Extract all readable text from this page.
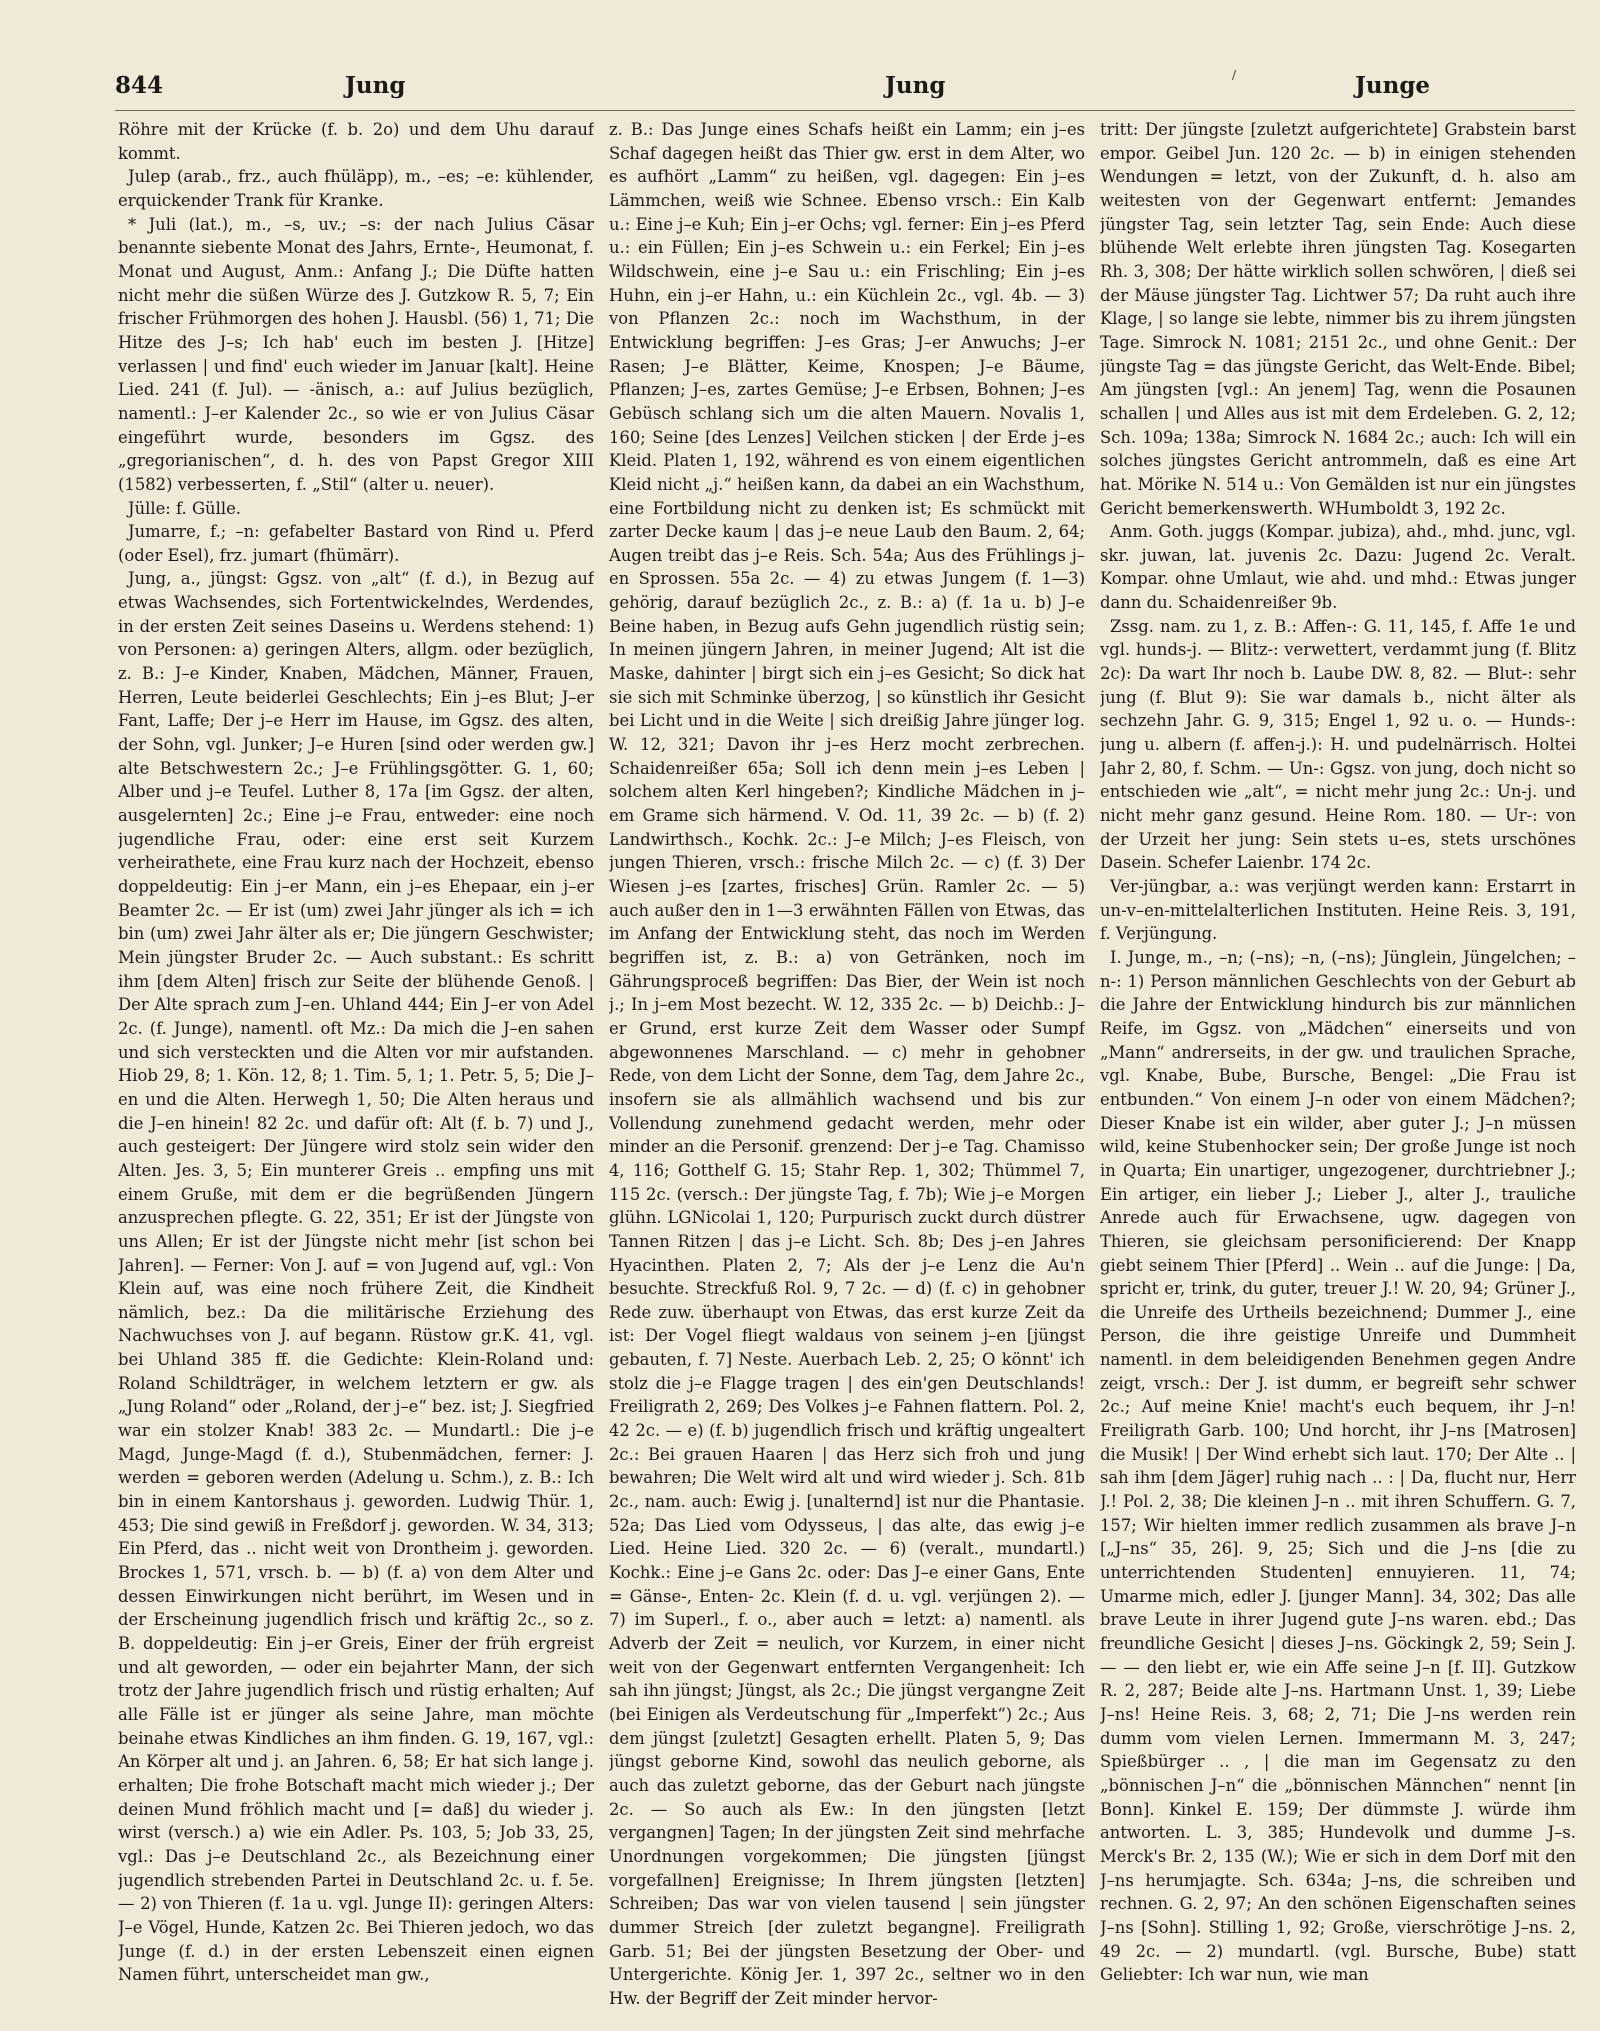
844	Jung	Jung	Junge
/

Röhre mit der Krücke (f. b. 2o) und dem Uhu darauf kommt.

Julep (arab., frz., auch fhüläpp), m., –es; –e: kühlender, erquickender Trank für Kranke.

* Juli (lat.), m., –s, uv.; –s: der nach Julius Cäsar benannte siebente Monat des Jahrs, Ernte-, Heumonat, f. Monat und August, Anm.: Anfang J.; Die Düfte hatten nicht mehr die süßen Würze des J. Gutzkow R. 5, 7; Ein frischer Frühmorgen des hohen J. Hausbl. (56) 1, 71; Die Hitze des J–s; Ich hab' euch im besten J. [Hitze] verlassen | und find' euch wieder im Januar [kalt]. Heine Lied. 241 (f. Jul). — -änisch, a.: auf Julius bezüglich, namentl.: J–er Kalender 2c., so wie er von Julius Cäsar eingeführt wurde, besonders im Ggsz. des „gregorianischen“, d. h. des von Papst Gregor XIII (1582) verbesserten, f. „Stil“ (alter u. neuer).

Jülle: f. Gülle.

Jumarre, f.; –n: gefabelter Bastard von Rind u. Pferd (oder Esel), frz. jumart (fhümärr).

Jung, a., jüngst: Ggsz. von „alt“ (f. d.), in Bezug auf etwas Wachsendes, sich Fortentwickelndes, Werdendes, in der ersten Zeit seines Daseins u. Werdens stehend: 1) von Personen: a) geringen Alters, allgm. oder bezüglich, z. B.: J–e Kinder, Knaben, Mädchen, Männer, Frauen, Herren, Leute beiderlei Geschlechts; Ein j–es Blut; J–er Fant, Laffe; Der j–e Herr im Hause, im Ggsz. des alten, der Sohn, vgl. Junker; J–e Huren [sind oder werden gw.] alte Betschwestern 2c.; J–e Frühlingsgötter. G. 1, 60; Alber und j–e Teufel. Luther 8, 17a [im Ggsz. der alten, ausgelernten] 2c.; Eine j–e Frau, entweder: eine noch jugendliche Frau, oder: eine erst seit Kurzem verheirathete, eine Frau kurz nach der Hochzeit, ebenso doppeldeutig: Ein j–er Mann, ein j–es Ehepaar, ein j–er Beamter 2c. — Er ist (um) zwei Jahr jünger als ich = ich bin (um) zwei Jahr älter als er; Die jüngern Geschwister; Mein jüngster Bruder 2c. — Auch substant.: Es schritt ihm [dem Alten] frisch zur Seite der blühende Genoß. | Der Alte sprach zum J–en. Uhland 444; Ein J–er von Adel 2c. (f. Junge), namentl. oft Mz.: Da mich die J–en sahen und sich versteckten und die Alten vor mir aufstanden. Hiob 29, 8; 1. Kön. 12, 8; 1. Tim. 5, 1; 1. Petr. 5, 5; Die J–en und die Alten. Herwegh 1, 50; Die Alten heraus und die J–en hinein! 82 2c. und dafür oft: Alt (f. b. 7) und J., auch gesteigert: Der Jüngere wird stolz sein wider den Alten. Jes. 3, 5; Ein munterer Greis .. empfing uns mit einem Gruße, mit dem er die begrüßenden Jüngern anzusprechen pflegte. G. 22, 351; Er ist der Jüngste von uns Allen; Er ist der Jüngste nicht mehr [ist schon bei Jahren]. — Ferner: Von J. auf = von Jugend auf, vgl.: Von Klein auf, was eine noch frühere Zeit, die Kindheit nämlich, bez.: Da die militärische Erziehung des Nachwuchses von J. auf begann. Rüstow gr.K. 41, vgl. bei Uhland 385 ff. die Gedichte: Klein-Roland und: Roland Schildträger, in welchem letztern er gw. als „Jung Roland“ oder „Roland, der j–e“ bez. ist; J. Siegfried war ein stolzer Knab! 383 2c. — Mundartl.: Die j–e Magd, Junge-Magd (f. d.), Stubenmädchen, ferner: J. werden = geboren werden (Adelung u. Schm.), z. B.: Ich bin in einem Kantorshaus j. geworden. Ludwig Thür. 1, 453; Die sind gewiß in Freßdorf j. geworden. W. 34, 313; Ein Pferd, das .. nicht weit von Drontheim j. geworden. Brockes 1, 571, vrsch. b. — b) (f. a) von dem Alter und dessen Einwirkungen nicht berührt, im Wesen und in der Erscheinung jugendlich frisch und kräftig 2c., so z. B. doppeldeutig: Ein j–er Greis, Einer der früh ergreist und alt geworden, — oder ein bejahrter Mann, der sich trotz der Jahre jugendlich frisch und rüstig erhalten; Auf alle Fälle ist er jünger als seine Jahre, man möchte beinahe etwas Kindliches an ihm finden. G. 19, 167, vgl.: An Körper alt und j. an Jahren. 6, 58; Er hat sich lange j. erhalten; Die frohe Botschaft macht mich wieder j.; Der deinen Mund fröhlich macht und [= daß] du wieder j. wirst (versch.) a) wie ein Adler. Ps. 103, 5; Job 33, 25, vgl.: Das j–e Deutschland 2c., als Bezeichnung einer jugendlich strebenden Partei in Deutschland 2c. u. f. 5e. — 2) von Thieren (f. 1a u. vgl. Junge II): geringen Alters: J–e Vögel, Hunde, Katzen 2c. Bei Thieren jedoch, wo das Junge (f. d.) in der ersten Lebenszeit einen eignen Namen führt, unterscheidet man gw.,

z. B.: Das Junge eines Schafs heißt ein Lamm; ein j–es Schaf dagegen heißt das Thier gw. erst in dem Alter, wo es aufhört „Lamm“ zu heißen, vgl. dagegen: Ein j–es Lämmchen, weiß wie Schnee. Ebenso vrsch.: Ein Kalb u.: Eine j–e Kuh; Ein j–er Ochs; vgl. ferner: Ein j–es Pferd u.: ein Füllen; Ein j–es Schwein u.: ein Ferkel; Ein j–es Wildschwein, eine j–e Sau u.: ein Frischling; Ein j–es Huhn, ein j–er Hahn, u.: ein Küchlein 2c., vgl. 4b. — 3) von Pflanzen 2c.: noch im Wachsthum, in der Entwicklung begriffen: J–es Gras; J–er Anwuchs; J–er Rasen; J–e Blätter, Keime, Knospen; J–e Bäume, Pflanzen; J–es, zartes Gemüse; J–e Erbsen, Bohnen; J–es Gebüsch schlang sich um die alten Mauern. Novalis 1, 160; Seine [des Lenzes] Veilchen sticken | der Erde j–es Kleid. Platen 1, 192, während es von einem eigentlichen Kleid nicht „j.“ heißen kann, da dabei an ein Wachsthum, eine Fortbildung nicht zu denken ist; Es schmückt mit zarter Decke kaum | das j–e neue Laub den Baum. 2, 64; Augen treibt das j–e Reis. Sch. 54a; Aus des Frühlings j–en Sprossen. 55a 2c. — 4) zu etwas Jungem (f. 1—3) gehörig, darauf bezüglich 2c., z. B.: a) (f. 1a u. b) J–e Beine haben, in Bezug aufs Gehn jugendlich rüstig sein; In meinen jüngern Jahren, in meiner Jugend; Alt ist die Maske, dahinter | birgt sich ein j–es Gesicht; So dick hat sie sich mit Schminke überzog, | so künstlich ihr Gesicht bei Licht und in die Weite | sich dreißig Jahre jünger log. W. 12, 321; Davon ihr j–es Herz mocht zerbrechen. Schaidenreißer 65a; Soll ich denn mein j–es Leben | solchem alten Kerl hingeben?; Kindliche Mädchen in j–em Grame sich härmend. V. Od. 11, 39 2c. — b) (f. 2) Landwirthsch., Kochk. 2c.: J–e Milch; J–es Fleisch, von jungen Thieren, vrsch.: frische Milch 2c. — c) (f. 3) Der Wiesen j–es [zartes, frisches] Grün. Ramler 2c. — 5) auch außer den in 1—3 erwähnten Fällen von Etwas, das im Anfang der Entwicklung steht, das noch im Werden begriffen ist, z. B.: a) von Getränken, noch im Gährungsproceß begriffen: Das Bier, der Wein ist noch j.; In j–em Most bezecht. W. 12, 335 2c. — b) Deichb.: J–er Grund, erst kurze Zeit dem Wasser oder Sumpf abgewonnenes Marschland. — c) mehr in gehobner Rede, von dem Licht der Sonne, dem Tag, dem Jahre 2c., insofern sie als allmählich wachsend und bis zur Vollendung zunehmend gedacht werden, mehr oder minder an die Personif. grenzend: Der j–e Tag. Chamisso 4, 116; Gotthelf G. 15; Stahr Rep. 1, 302; Thümmel 7, 115 2c. (versch.: Der jüngste Tag, f. 7b); Wie j–e Morgen glühn. LGNicolai 1, 120; Purpurisch zuckt durch düstrer Tannen Ritzen | das j–e Licht. Sch. 8b; Des j–en Jahres Hyacinthen. Platen 2, 7; Als der j–e Lenz die Au'n besuchte. Streckfuß Rol. 9, 7 2c. — d) (f. c) in gehobner Rede zuw. überhaupt von Etwas, das erst kurze Zeit da ist: Der Vogel fliegt waldaus von seinem j–en [jüngst gebauten, f. 7] Neste. Auerbach Leb. 2, 25; O könnt' ich stolz die j–e Flagge tragen | des ein'gen Deutschlands! Freiligrath 2, 269; Des Volkes j–e Fahnen flattern. Pol. 2, 42 2c. — e) (f. b) jugendlich frisch und kräftig ungealtert 2c.: Bei grauen Haaren | das Herz sich froh und jung bewahren; Die Welt wird alt und wird wieder j. Sch. 81b 2c., nam. auch: Ewig j. [unalternd] ist nur die Phantasie. 52a; Das Lied vom Odysseus, | das alte, das ewig j–e Lied. Heine Lied. 320 2c. — 6) (veralt., mundartl.) Kochk.: Eine j–e Gans 2c. oder: Das J–e einer Gans, Ente = Gänse-, Enten- 2c. Klein (f. d. u. vgl. verjüngen 2). — 7) im Superl., f. o., aber auch = letzt: a) namentl. als Adverb der Zeit = neulich, vor Kurzem, in einer nicht weit von der Gegenwart entfernten Vergangenheit: Ich sah ihn jüngst; Jüngst, als 2c.; Die jüngst vergangne Zeit (bei Einigen als Verdeutschung für „Imperfekt“) 2c.; Aus dem jüngst [zuletzt] Gesagten erhellt. Platen 5, 9; Das jüngst geborne Kind, sowohl das neulich geborne, als auch das zuletzt geborne, das der Geburt nach jüngste 2c. — So auch als Ew.: In den jüngsten [letzt vergangnen] Tagen; In der jüngsten Zeit sind mehrfache Unordnungen vorgekommen; Die jüngsten [jüngst vorgefallnen] Ereignisse; In Ihrem jüngsten [letzten] Schreiben; Das war von vielen tausend | sein jüngster dummer Streich [der zuletzt begangne]. Freiligrath Garb. 51; Bei der jüngsten Besetzung der Ober- und Untergerichte. König Jer. 1, 397 2c., seltner wo in den Hw. der Begriff der Zeit minder hervor-

tritt: Der jüngste [zuletzt aufgerichtete] Grabstein barst empor. Geibel Jun. 120 2c. — b) in einigen stehenden Wendungen = letzt, von der Zukunft, d. h. also am weitesten von der Gegenwart entfernt: Jemandes jüngster Tag, sein letzter Tag, sein Ende: Auch diese blühende Welt erlebte ihren jüngsten Tag. Kosegarten Rh. 3, 308; Der hätte wirklich sollen schwören, | dieß sei der Mäuse jüngster Tag. Lichtwer 57; Da ruht auch ihre Klage, | so lange sie lebte, nimmer bis zu ihrem jüngsten Tage. Simrock N. 1081; 2151 2c., und ohne Genit.: Der jüngste Tag = das jüngste Gericht, das Welt-Ende. Bibel; Am jüngsten [vgl.: An jenem] Tag, wenn die Posaunen schallen | und Alles aus ist mit dem Erdeleben. G. 2, 12; Sch. 109a; 138a; Simrock N. 1684 2c.; auch: Ich will ein solches jüngstes Gericht antrommeln, daß es eine Art hat. Mörike N. 514 u.: Von Gemälden ist nur ein jüngstes Gericht bemerkenswerth. WHumboldt 3, 192 2c.

Anm. Goth. juggs (Kompar. jubiza), ahd., mhd. junc, vgl. skr. juwan, lat. juvenis 2c. Dazu: Jugend 2c. Veralt. Kompar. ohne Umlaut, wie ahd. und mhd.: Etwas junger dann du. Schaidenreißer 9b.

Zssg. nam. zu 1, z. B.: Affen-: G. 11, 145, f. Affe 1e und vgl. hunds-j. — Blitz-: verwettert, verdammt jung (f. Blitz 2c): Da wart Ihr noch b. Laube DW. 8, 82. — Blut-: sehr jung (f. Blut 9): Sie war damals b., nicht älter als sechzehn Jahr. G. 9, 315; Engel 1, 92 u. o. — Hunds-: jung u. albern (f. affen-j.): H. und pudelnärrisch. Holtei Jahr 2, 80, f. Schm. — Un-: Ggsz. von jung, doch nicht so entschieden wie „alt“, = nicht mehr jung 2c.: Un-j. und nicht mehr ganz gesund. Heine Rom. 180. — Ur-: von der Urzeit her jung: Sein stets u–es, stets urschönes Dasein. Schefer Laienbr. 174 2c.

Ver-jüngbar, a.: was verjüngt werden kann: Erstarrt in un-v–en-mittelalterlichen Instituten. Heine Reis. 3, 191, f. Verjüngung.

I. Junge, m., –n; (–ns); –n, (–ns); Jünglein, Jüngelchen; –n-: 1) Person männlichen Geschlechts von der Geburt ab die Jahre der Entwicklung hindurch bis zur männlichen Reife, im Ggsz. von „Mädchen“ einerseits und von „Mann“ andrerseits, in der gw. und traulichen Sprache, vgl. Knabe, Bube, Bursche, Bengel: „Die Frau ist entbunden.“ Von einem J–n oder von einem Mädchen?; Dieser Knabe ist ein wilder, aber guter J.; J–n müssen wild, keine Stubenhocker sein; Der große Junge ist noch in Quarta; Ein unartiger, ungezogener, durchtriebner J.; Ein artiger, ein lieber J.; Lieber J., alter J., trauliche Anrede auch für Erwachsene, ugw. dagegen von Thieren, sie gleichsam personificierend: Der Knapp giebt seinem Thier [Pferd] .. Wein .. auf die Junge: | Da, spricht er, trink, du guter, treuer J.! W. 20, 94; Grüner J., die Unreife des Urtheils bezeichnend; Dummer J., eine Person, die ihre geistige Unreife und Dummheit namentl. in dem beleidigenden Benehmen gegen Andre zeigt, vrsch.: Der J. ist dumm, er begreift sehr schwer 2c.; Auf meine Knie! macht's euch bequem, ihr J–n! Freiligrath Garb. 100; Und horcht, ihr J–ns [Matrosen] die Musik! | Der Wind erhebt sich laut. 170; Der Alte .. | sah ihm [dem Jäger] ruhig nach .. : | Da, flucht nur, Herr J.! Pol. 2, 38; Die kleinen J–n .. mit ihren Schuffern. G. 7, 157; Wir hielten immer redlich zusammen als brave J–n [„J–ns“ 35, 26]. 9, 25; Sich und die J–ns [die zu unterrichtenden Studenten] ennuyieren. 11, 74; Umarme mich, edler J. [junger Mann]. 34, 302; Das alle brave Leute in ihrer Jugend gute J–ns waren. ebd.; Das freundliche Gesicht | dieses J–ns. Göckingk 2, 59; Sein J. — — den liebt er, wie ein Affe seine J–n [f. II]. Gutzkow R. 2, 287; Beide alte J–ns. Hartmann Unst. 1, 39; Liebe J–ns! Heine Reis. 3, 68; 2, 71; Die J–ns werden rein dumm vom vielen Lernen. Immermann M. 3, 247; Spießbürger .. , | die man im Gegensatz zu den „bönnischen J–n“ die „bönnischen Männchen“ nennt [in Bonn]. Kinkel E. 159; Der dümmste J. würde ihm antworten. L. 3, 385; Hundevolk und dumme J–s. Merck's Br. 2, 135 (W.); Wie er sich in dem Dorf mit den J–ns herumjagte. Sch. 634a; J–ns, die schreiben und rechnen. G. 2, 97; An den schönen Eigenschaften seines J–ns [Sohn]. Stilling 1, 92; Große, vierschrötige J–ns. 2, 49 2c. — 2) mundartl. (vgl. Bursche, Bube) statt Geliebter: Ich war nun, wie man
